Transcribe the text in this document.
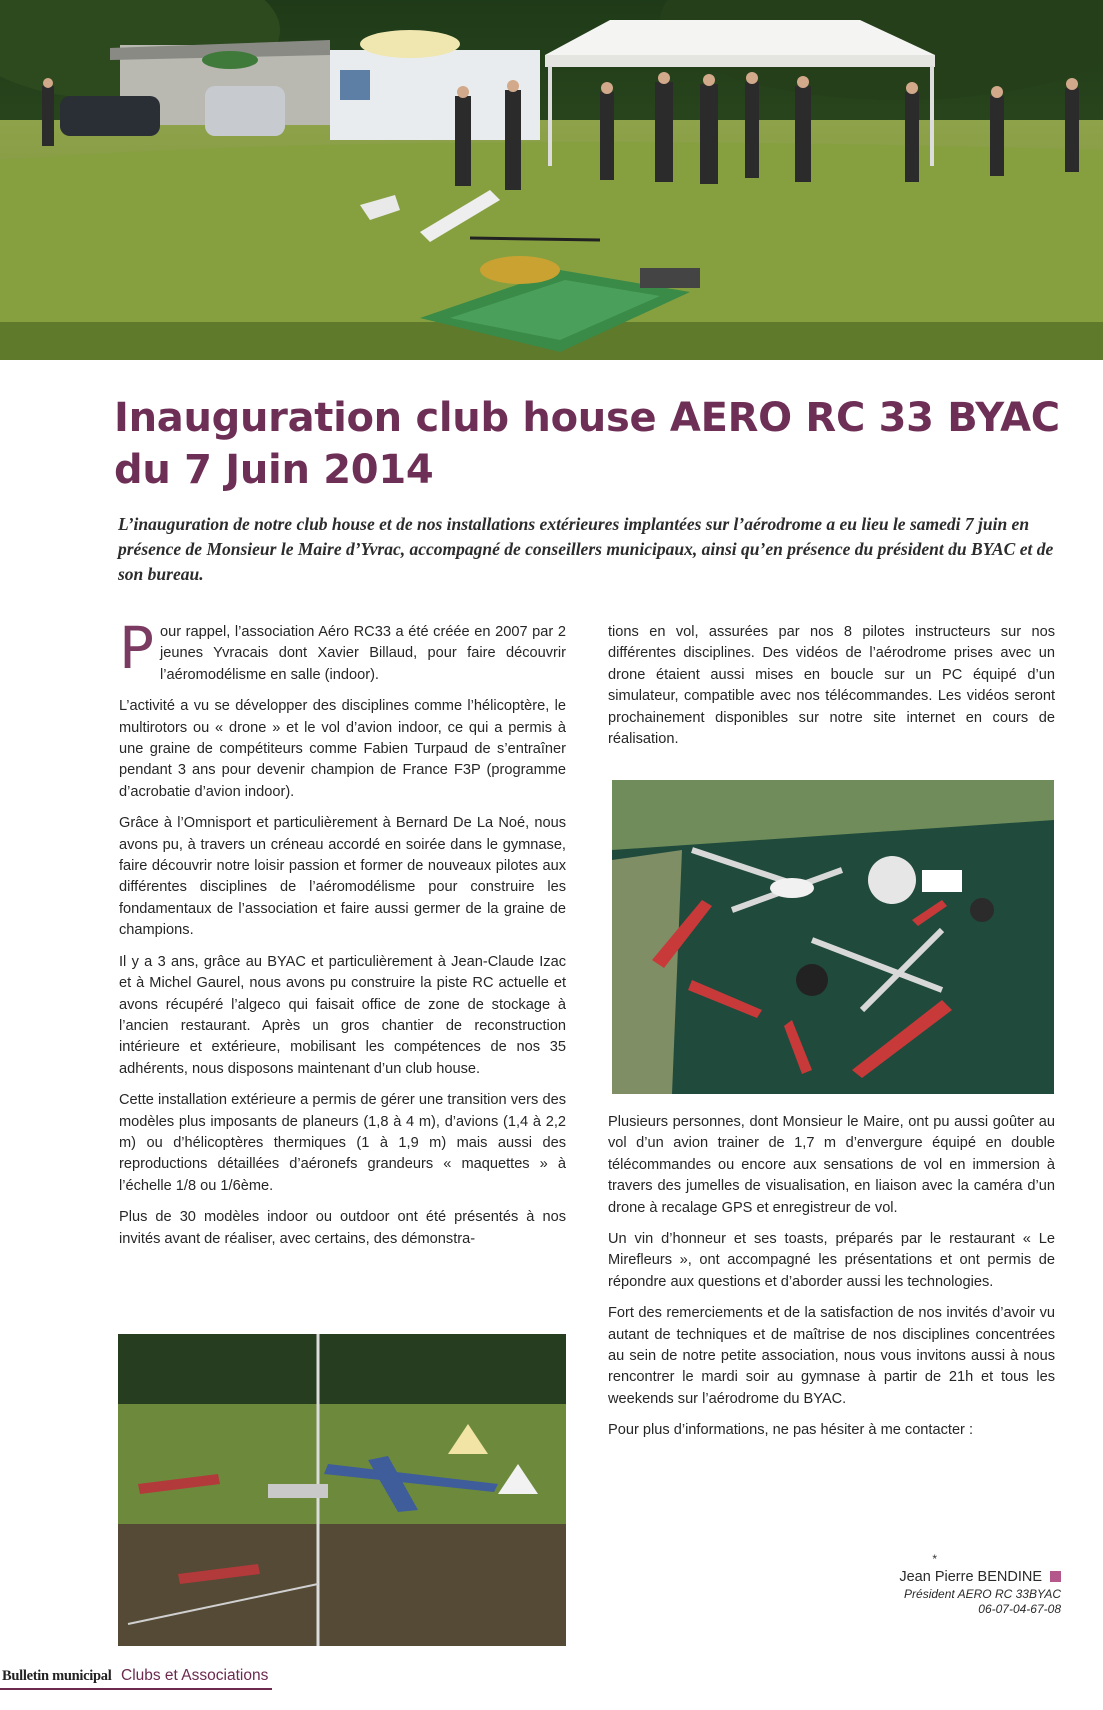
Inauguration club house AERO RC 33 BYAC
du 7 Juin 2014

L’inauguration de notre club house et de nos installations extérieures implantées sur l’aérodrome a eu lieu le samedi 7 juin en présence de Monsieur le Maire d’Yvrac, accompagné de conseillers municipaux, ainsi qu’en présence du président du BYAC et de son bureau.

Pour rappel, l’association Aéro RC33 a été créée en 2007 par 2 jeunes Yvracais dont Xavier Billaud, pour faire découvrir l’aéromodélisme en salle (indoor).

L’activité a vu se développer des disciplines comme l’hélicoptère, le multirotors ou « drone » et le vol d’avion indoor, ce qui a permis à une graine de compétiteurs comme Fabien Turpaud de s’entraîner pendant 3 ans pour devenir champion de France F3P (programme d’acrobatie d’avion indoor).

Grâce à l’Omnisport et particulièrement à Bernard De La Noé, nous avons pu, à travers un créneau accordé en soirée dans le gymnase, faire découvrir notre loisir passion et former de nouveaux pilotes aux différentes disciplines de l’aéromodélisme pour construire les fondamentaux de l’association et faire aussi germer de la graine de champions.

Il y a 3 ans, grâce au BYAC et particulièrement à Jean-Claude Izac et à Michel Gaurel, nous avons pu construire la piste RC actuelle et avons récupéré l’algeco qui faisait office de zone de stockage à l’ancien restaurant. Après un gros chantier de reconstruction intérieure et extérieure, mobilisant les compétences de nos 35 adhérents, nous disposons maintenant d’un club house.

Cette installation extérieure a permis de gérer une transition vers des modèles plus imposants de planeurs (1,8 à 4 m), d’avions (1,4 à 2,2 m) ou d’hélicoptères thermiques (1 à 1,9 m) mais aussi des reproductions détaillées d’aéronefs grandeurs « maquettes » à l’échelle 1/8 ou 1/6ème.

Plus de 30 modèles indoor ou outdoor ont été présentés à nos invités avant de réaliser, avec certains, des démonstra-

tions en vol, assurées par nos 8 pilotes instructeurs sur nos différentes disciplines. Des vidéos de l’aérodrome prises avec un drone étaient aussi mises en boucle sur un PC équipé d’un simulateur, compatible avec nos télécommandes. Les vidéos seront prochainement disponibles sur notre site internet en cours de réalisation.

Plusieurs personnes, dont Monsieur le Maire, ont pu aussi goûter au vol d’un avion trainer de 1,7 m d’envergure équipé en double télécommandes ou encore aux sensations de vol en immersion à travers des jumelles de visualisation, en liaison avec la caméra d’un drone à recalage GPS et enregistreur de vol.

Un vin d’honneur et ses toasts, préparés par le restaurant « Le Mirefleurs », ont accompagné les présentations et ont permis de répondre aux questions et d’aborder aussi les technologies.

Fort des remerciements et de la satisfaction de nos invités d’avoir vu autant de techniques et de maîtrise de nos disciplines concentrées au sein de notre petite association, nous vous invitons aussi à nous rencontrer le mardi soir au gymnase à partir de 21h et tous les weekends sur l’aérodrome du BYAC.

Pour plus d’informations, ne pas hésiter à me contacter :

*
Jean Pierre BENDINE
Président AERO RC 33BYAC
06-07-04-67-08
Bulletin municipal Clubs et Associations
